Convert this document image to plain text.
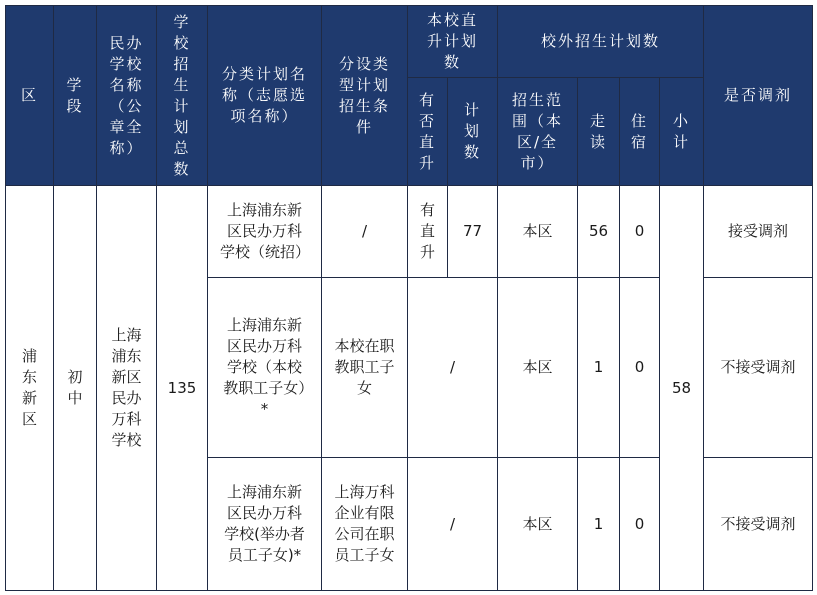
区	学段	民办学校名称（公章全称）	学校招生计划总数	分类计划名称（志愿选项名称）	分设类型计划招生条件	本校直升计划数		校外招生计划数				是否调剂
						有否直升	计划数	招生范围（本区/全市）	走读	住宿	小计	
浦东新区	初中	上海浦东新区民办万科学校	135	上海浦东新区民办万科学校（统招）	/	有直升	77	本区	56	0	58	接受调剂
				上海浦东新区民办万科学校（本校教职工子女）*	本校在职教职工子女	/		本区	1	0		不接受调剂
				上海浦东新区民办万科学校(举办者员工子女)*	上海万科企业有限公司在职员工子女	/		本区	1	0		不接受调剂
